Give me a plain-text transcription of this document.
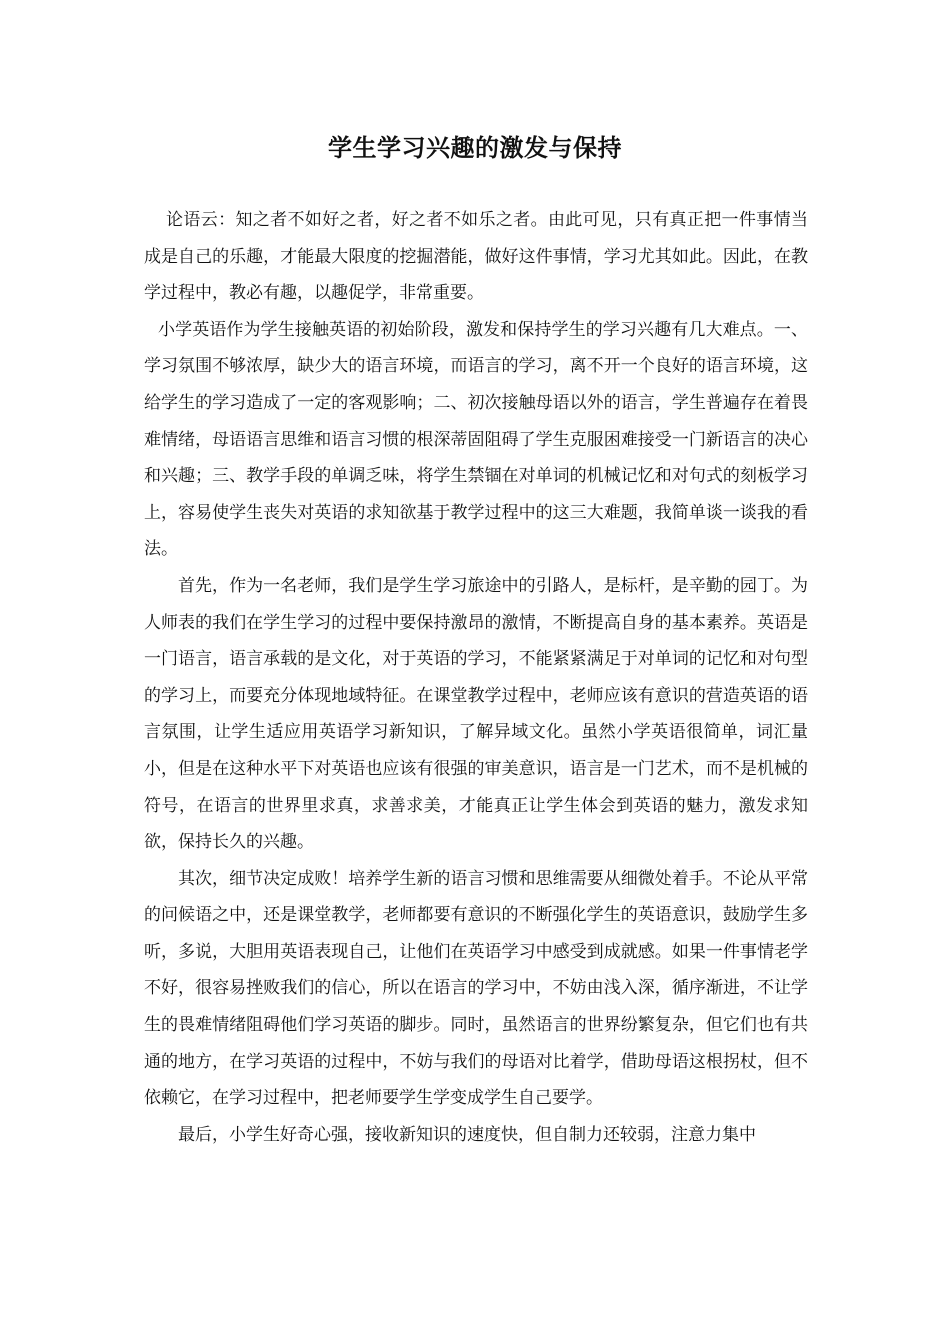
学生学习兴趣的激发与保持

论语云：知之者不如好之者，好之者不如乐之者。由此可见，只有真正把一件事情当成是自己的乐趣，才能最大限度的挖掘潜能，做好这件事情，学习尤其如此。因此，在教学过程中，教必有趣，以趣促学，非常重要。

小学英语作为学生接触英语的初始阶段，激发和保持学生的学习兴趣有几大难点。一、学习氛围不够浓厚，缺少大的语言环境，而语言的学习，离不开一个良好的语言环境，这给学生的学习造成了一定的客观影响；二、初次接触母语以外的语言，学生普遍存在着畏难情绪，母语语言思维和语言习惯的根深蒂固阻碍了学生克服困难接受一门新语言的决心和兴趣；三、教学手段的单调乏味，将学生禁锢在对单词的机械记忆和对句式的刻板学习上，容易使学生丧失对英语的求知欲基于教学过程中的这三大难题，我简单谈一谈我的看法。

首先，作为一名老师，我们是学生学习旅途中的引路人，是标杆，是辛勤的园丁。为人师表的我们在学生学习的过程中要保持激昂的激情，不断提高自身的基本素养。英语是一门语言，语言承载的是文化，对于英语的学习，不能紧紧满足于对单词的记忆和对句型的学习上，而要充分体现地域特征。在课堂教学过程中，老师应该有意识的营造英语的语言氛围，让学生适应用英语学习新知识，了解异域文化。虽然小学英语很简单，词汇量小，但是在这种水平下对英语也应该有很强的审美意识，语言是一门艺术，而不是机械的符号，在语言的世界里求真，求善求美，才能真正让学生体会到英语的魅力，激发求知欲，保持长久的兴趣。

其次，细节决定成败！培养学生新的语言习惯和思维需要从细微处着手。不论从平常的问候语之中，还是课堂教学，老师都要有意识的不断强化学生的英语意识，鼓励学生多听，多说，大胆用英语表现自己，让他们在英语学习中感受到成就感。如果一件事情老学不好，很容易挫败我们的信心，所以在语言的学习中，不妨由浅入深，循序渐进，不让学生的畏难情绪阻碍他们学习英语的脚步。同时，虽然语言的世界纷繁复杂，但它们也有共通的地方，在学习英语的过程中，不妨与我们的母语对比着学，借助母语这根拐杖，但不依赖它，在学习过程中，把老师要学生学变成学生自己要学。

最后，小学生好奇心强，接收新知识的速度快，但自制力还较弱，注意力集中
